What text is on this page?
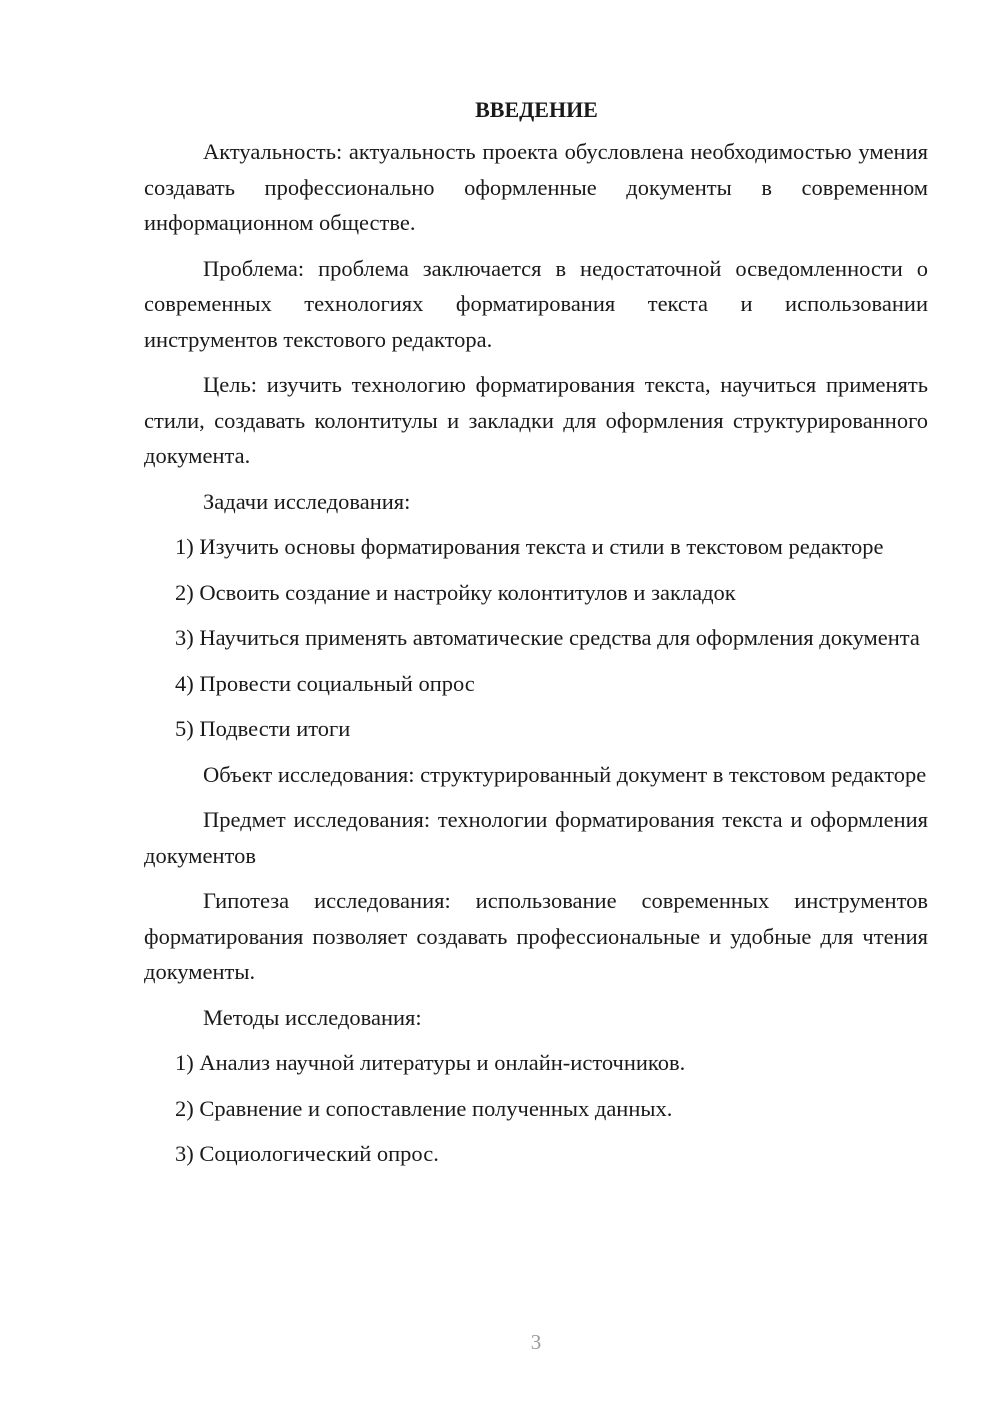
ВВЕДЕНИЕ

Актуальность: актуальность проекта обусловлена необходимостью умения создавать профессионально оформленные документы в современном информационном обществе.

Проблема: проблема заключается в недостаточной осведомленности о современных технологиях форматирования текста и использовании инструментов текстового редактора.

Цель: изучить технологию форматирования текста, научиться применять стили, создавать колонтитулы и закладки для оформления структурированного документа.

Задачи исследования:

1) Изучить основы форматирования текста и стили в текстовом редакторе

2) Освоить создание и настройку колонтитулов и закладок

3) Научиться применять автоматические средства для оформления документа

4) Провести социальный опрос

5) Подвести итоги

Объект исследования: структурированный документ в текстовом редакторе

Предмет исследования: технологии форматирования текста и оформления документов

Гипотеза исследования: использование современных инструментов форматирования позволяет создавать профессиональные и удобные для чтения документы.

Методы исследования:

1) Анализ научной литературы и онлайн-источников.

2) Сравнение и сопоставление полученных данных.

3) Социологический опрос.

3
